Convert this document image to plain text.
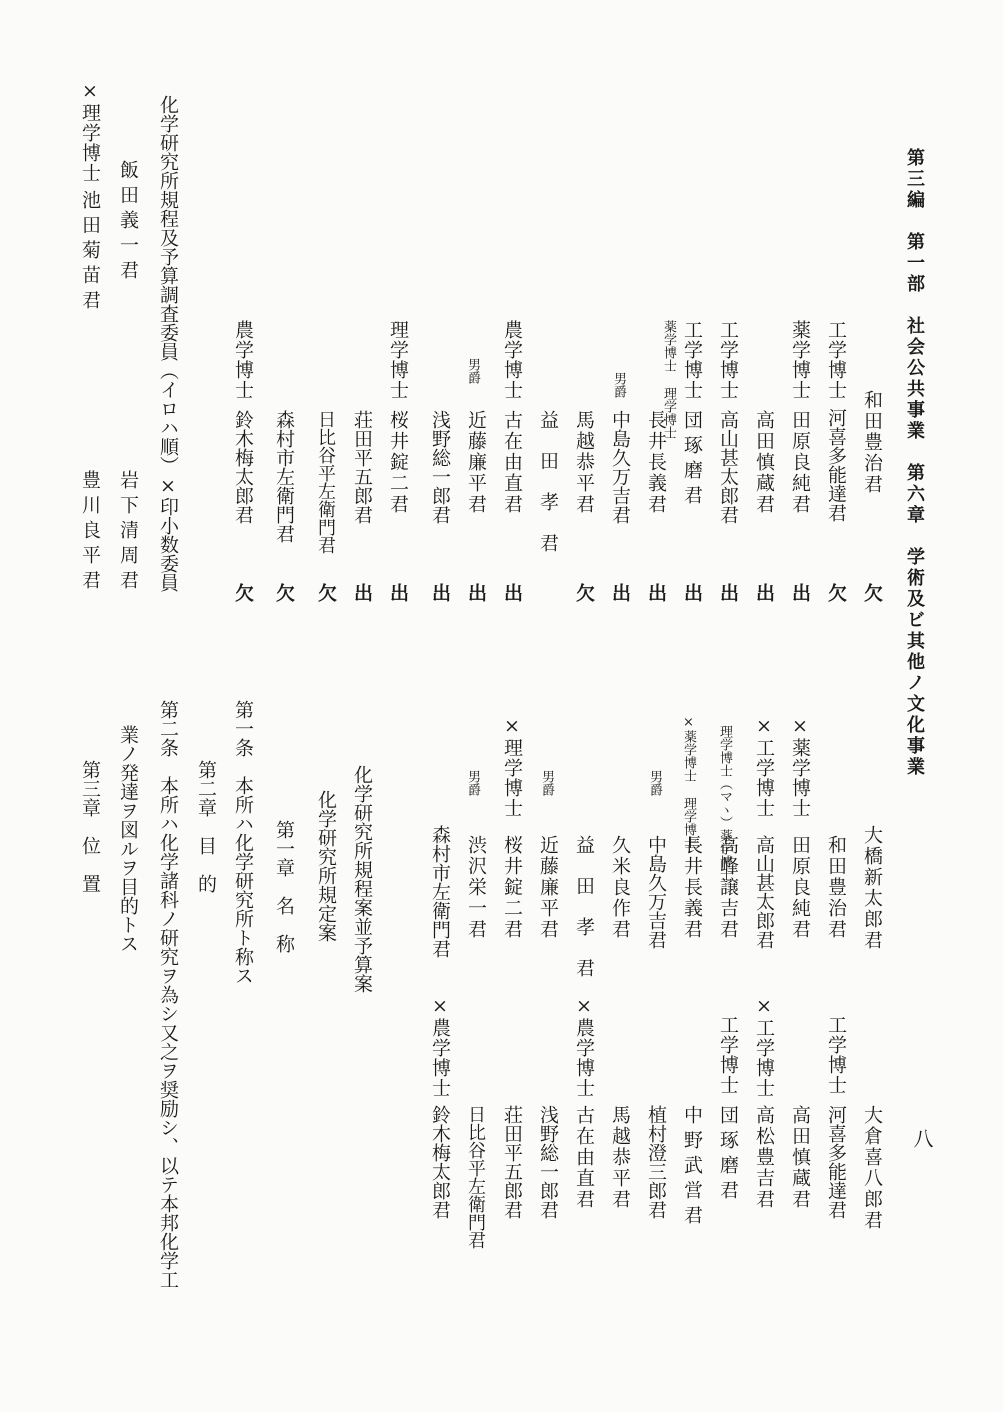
第三編　第一部　社会公共事業　第六章　学術及ビ其他ノ文化事業
八
和田豊治君
欠
工学博士
河喜多能達君
欠
薬学博士
田原良純君
出
高田慎蔵君
出
工学博士
高山甚太郎君
出
工学博士
団琢磨君
出
薬学博士 理学博士
長井長義君
出
男爵
中島久万吉君
出
馬越恭平君
欠
益田孝君
農学博士
古在由直君
出
男爵
近藤廉平君
出
浅野総一郎君
出
理学博士
桜井錠二君
出
荘田平五郎君
出
日比谷平左衛門君
欠
森村市左衛門君
欠
農学博士
鈴木梅太郎君
欠
化学研究所規程及予算調査委員（イロハ順）×印小数委員
飯田義一君
×理学博士
池田菊苗君
岩下清周君
豊川良平君
大橋新太郎君
和田豊治君
×薬学博士
田原良純君
×工学博士
高山甚太郎君
理学博士（マヽ）薬学博士
高峰譲吉君
×薬学博士 理学博士
長井長義君
男爵
中島久万吉君
久米良作君
益田孝君
男爵
近藤廉平君
×理学博士
桜井錠二君
男爵
渋沢栄一君
森村市左衛門君
大倉喜八郎君
工学博士
河喜多能達君
高田慎蔵君
×工学博士
高松豊吉君
工学博士
団琢磨君
中野武営君
植村澄三郎君
馬越恭平君
×農学博士
古在由直君
浅野総一郎君
荘田平五郎君
日比谷平左衛門君
×農学博士
鈴木梅太郎君
化学研究所規程案並予算案
化学研究所規定案
第一章　名　称
第一条　本所ハ化学研究所ト称ス
第二章　目　的
第二条　本所ハ化学諸科ノ研究ヲ為シ又之ヲ奨励シ、以テ本邦化学工
業ノ発達ヲ図ルヲ目的トス
第三章　位　置
